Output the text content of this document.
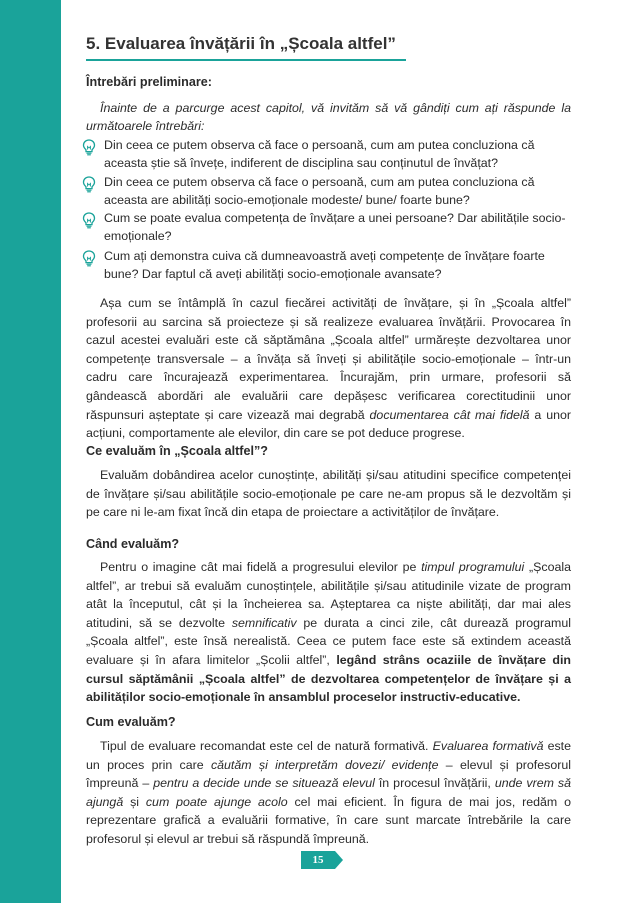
5. Evaluarea învățării în „Școala altfel”
Întrebări preliminare:
Înainte de a parcurge acest capitol, vă invităm să vă gândiți cum ați răspunde la următoarele întrebări:
Din ceea ce putem observa că face o persoană, cum am putea concluziona că aceasta știe să învețe, indiferent de disciplina sau conținutul de învățat?
Din ceea ce putem observa că face o persoană, cum am putea concluziona că aceasta are abilități socio-emoționale modeste/ bune/ foarte bune?
Cum se poate evalua competența de învățare a unei persoane? Dar abilitățile socio-emoționale?
Cum ați demonstra cuiva că dumneavoastră aveți competențe de învățare foarte bune? Dar faptul că aveți abilități socio-emoționale avansate?
Așa cum se întâmplă în cazul fiecărei activități de învățare, și în „Școala altfel” profesorii au sarcina să proiecteze și să realizeze evaluarea învățării. Provocarea în cazul acestei evaluări este că săptămâna „Școala altfel” urmărește dezvoltarea unor competențe transversale – a învăța să înveți și abilitățile socio-emoționale – într-un cadru care încurajează experimentarea. Încurajăm, prin urmare, profesorii să gândească abordări ale evaluării care depășesc verificarea corectitudinii unor răspunsuri așteptate și care vizează mai degrabă documentarea cât mai fidelă a unor acțiuni, comportamente ale elevilor, din care se pot deduce progrese.
Ce evaluăm în „Școala altfel”?
Evaluăm dobândirea acelor cunoștințe, abilități și/sau atitudini specifice competenței de învățare și/sau abilitățile socio-emoționale pe care ne-am propus să le dezvoltăm și pe care ni le-am fixat încă din etapa de proiectare a activităților de învățare.
Când evaluăm?
Pentru o imagine cât mai fidelă a progresului elevilor pe timpul programului „Școala altfel”, ar trebui să evaluăm cunoștințele, abilitățile și/sau atitudinile vizate de program atât la începutul, cât și la încheierea sa. Așteptarea ca niște abilități, dar mai ales atitudini, să se dezvolte semnificativ pe durata a cinci zile, cât durează programul „Școala altfel”, este însă nerealistă. Ceea ce putem face este să extindem această evaluare și în afara limitelor „Școlii altfel”, legând strâns ocaziile de învățare din cursul săptămânii „Școala altfel” de dezvoltarea competențelor de învățare și a abilităților socio-emoționale în ansamblul proceselor instructiv-educative.
Cum evaluăm?
Tipul de evaluare recomandat este cel de natură formativă. Evaluarea formativă este un proces prin care căutăm și interpretăm dovezi/ evidențe – elevul și profesorul împreună – pentru a decide unde se situează elevul în procesul învățării, unde vrem să ajungă și cum poate ajunge acolo cel mai eficient. În figura de mai jos, redăm o reprezentare grafică a evaluării formative, în care sunt marcate întrebările la care profesorul și elevul ar trebui să răspundă împreună.
15
